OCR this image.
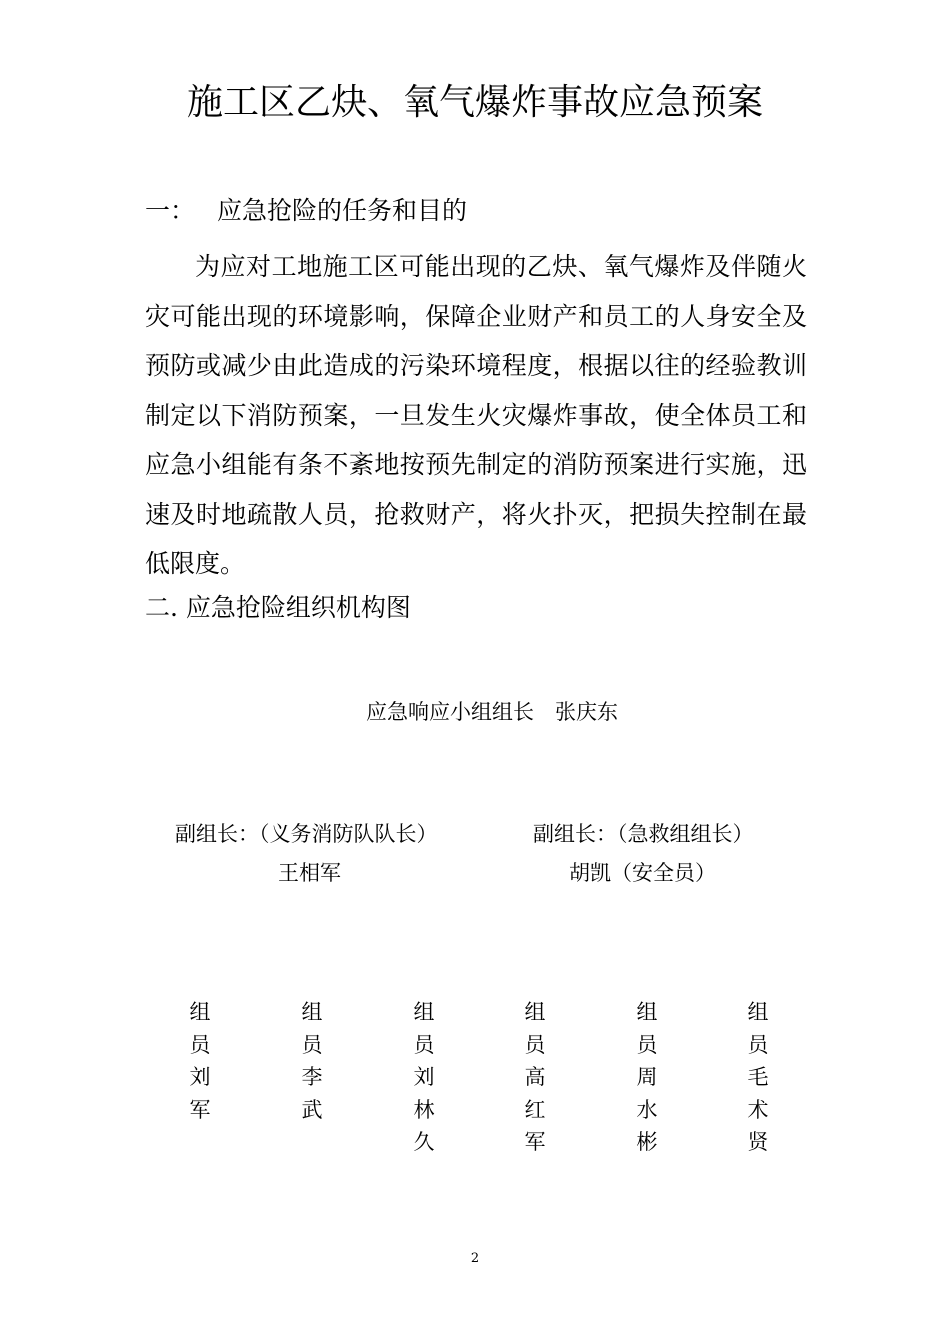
施工区乙炔、氧气爆炸事故应急预案
一： 应急抢险的任务和目的

为应对工地施工区可能出现的乙炔、氧气爆炸及伴随火灾可能出现的环境影响，保障企业财产和员工的人身安全及预防或减少由此造成的污染环境程度，根据以往的经验教训制定以下消防预案，一旦发生火灾爆炸事故，使全体员工和应急小组能有条不紊地按预先制定的消防预案进行实施，迅速及时地疏散人员，抢救财产，将火扑灭，把损失控制在最低限度。

二. 应急抢险组织机构图
应急响应小组组长　张庆东
副组长：（义务消防队队长）
王相军
副组长：（急救组组长）
胡凯（安全员）
组员
刘军
组员
李武
组员
刘林久
组员
高红军
组员
周水彬
组员
毛术贤
2
